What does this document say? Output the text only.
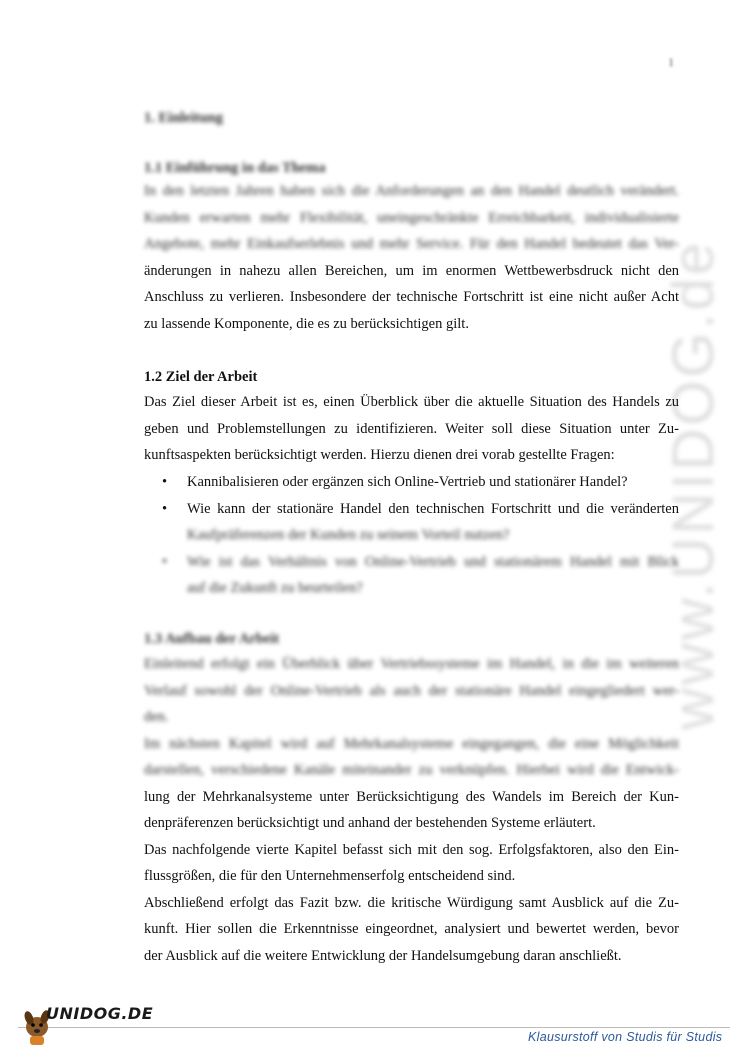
1
www.UNIDOG.de
1. Einleitung
1.1 Einführung in das Thema
In den letzten Jahren haben sich die Anforderungen an den Handel deutlich verändert.
Kunden erwarten mehr Flexibilität, uneingeschränkte Erreichbarkeit, individualisierte
Angebote, mehr Einkaufserlebnis und mehr Service. Für den Handel bedeutet das Ver-
änderungen in nahezu allen Bereichen, um im enormen Wettbewerbsdruck nicht den
Anschluss zu verlieren. Insbesondere der technische Fortschritt ist eine nicht außer Acht
zu lassende Komponente, die es zu berücksichtigen gilt.
1.2 Ziel der Arbeit
Das Ziel dieser Arbeit ist es, einen Überblick über die aktuelle Situation des Handels zu
geben und Problemstellungen zu identifizieren. Weiter soll diese Situation unter Zu-
kunftsaspekten berücksichtigt werden. Hierzu dienen drei vorab gestellte Fragen:
• Kannibalisieren oder ergänzen sich Online-Vertrieb und stationärer Handel?
• Wie kann der stationäre Handel den technischen Fortschritt und die veränderten
Kaufpräferenzen der Kunden zu seinem Vorteil nutzen?
• Wie ist das Verhältnis von Online-Vertrieb und stationärem Handel mit Blick
auf die Zukunft zu beurteilen?
1.3 Aufbau der Arbeit
Einleitend erfolgt ein Überblick über Vertriebssysteme im Handel, in die im weiteren
Verlauf sowohl der Online-Vertrieb als auch der stationäre Handel eingegliedert wer-
den.
Im nächsten Kapitel wird auf Mehrkanalsysteme eingegangen, die eine Möglichkeit
darstellen, verschiedene Kanäle miteinander zu verknüpfen. Hierbei wird die Entwick-
lung der Mehrkanalsysteme unter Berücksichtigung des Wandels im Bereich der Kun-
denpräferenzen berücksichtigt und anhand der bestehenden Systeme erläutert.
Das nachfolgende vierte Kapitel befasst sich mit den sog. Erfolgsfaktoren, also den Ein-
flussgrößen, die für den Unternehmenserfolg entscheidend sind.
Abschließend erfolgt das Fazit bzw. die kritische Würdigung samt Ausblick auf die Zu-
kunft. Hier sollen die Erkenntnisse eingeordnet, analysiert und bewertet werden, bevor
der Ausblick auf die weitere Entwicklung der Handelsumgebung daran anschließt.
UNIDOG.DE
Klausurstoff von Studis für Studis
